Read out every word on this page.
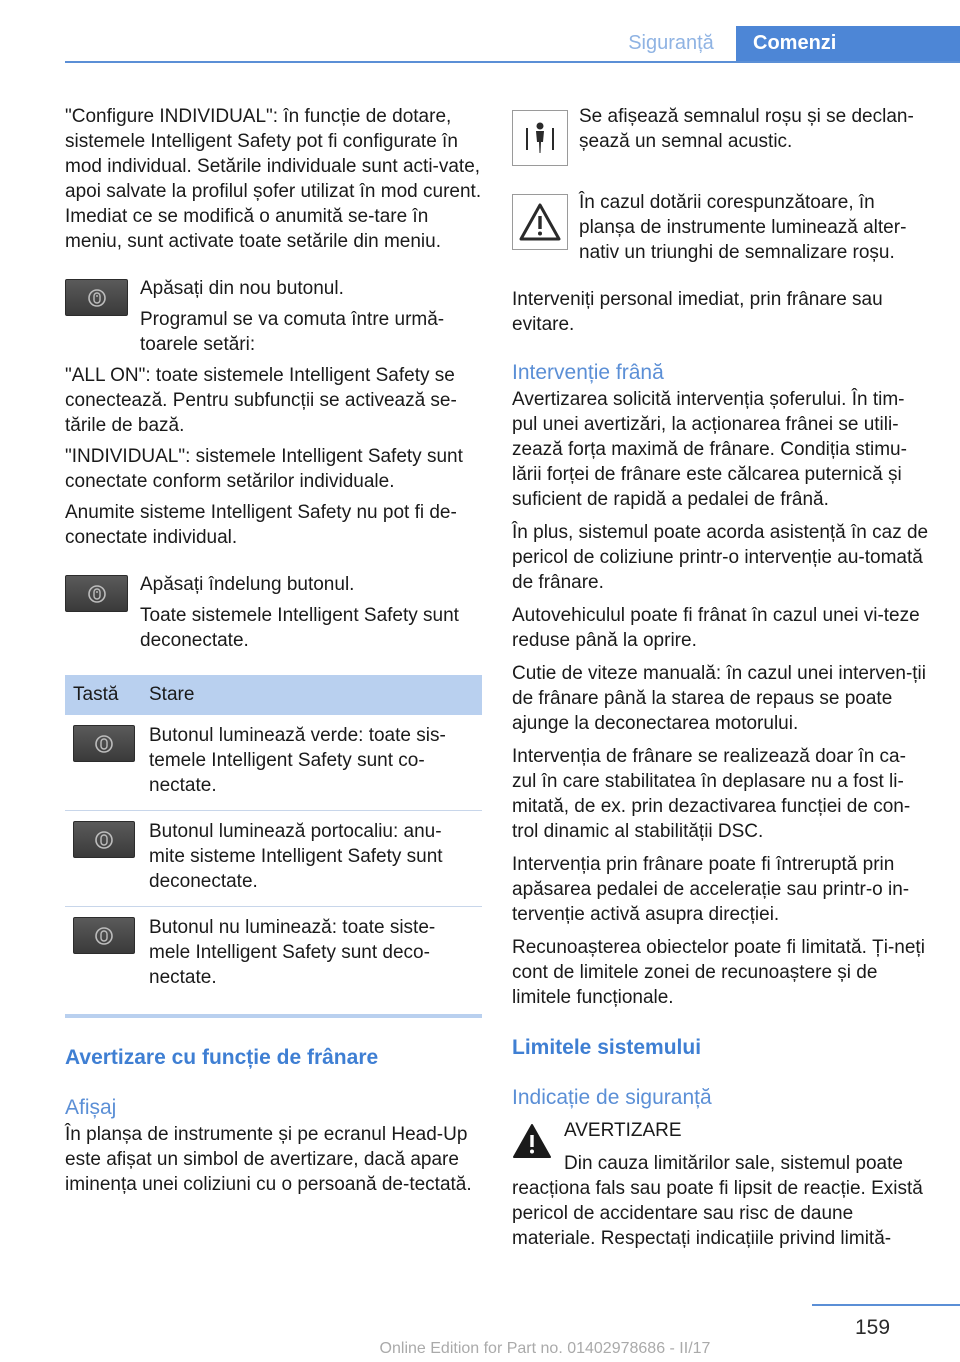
Siguranță	Comenzi

"Configure INDIVIDUAL": în funcție de dotare, sistemele Intelligent Safety pot fi configurate în mod individual. Setările individuale sunt acti‐vate, apoi salvate la profilul șofer utilizat în mod curent. Imediat ce se modifică o anumită se‐tare în meniu, sunt activate toate setările din meniu.

Apăsați din nou butonul.

Programul se va comuta între urmă‐toarele setări:

"ALL ON": toate sistemele Intelligent Safety se conectează. Pentru subfuncții se activează se‐tările de bază.

"INDIVIDUAL": sistemele Intelligent Safety sunt conectate conform setărilor individuale.

Anumite sisteme Intelligent Safety nu pot fi de‐conectate individual.

Apăsați îndelung butonul.

Toate sistemele Intelligent Safety sunt deconectate.

Tastă	Stare

	Butonul luminează verde: toate sis‐temele Intelligent Safety sunt co‐nectate.

	Butonul luminează portocaliu: anu‐mite sisteme Intelligent Safety sunt deconectate.

	Butonul nu luminează: toate siste‐mele Intelligent Safety sunt deco‐nectate.
Avertizare cu funcție de frânare
Afișaj

În planșa de instrumente și pe ecranul Head-Up este afișat un simbol de avertizare, dacă apare iminența unei coliziuni cu o persoană de‐tectată.

Se afișează semnalul roșu și se declan‐șează un semnal acustic.

În cazul dotării corespunzătoare, în planșa de instrumente luminează alter‐nativ un triunghi de semnalizare roșu.

Interveniți personal imediat, prin frânare sau evitare.

Intervenție frână

Avertizarea solicită intervenția șoferului. În tim‐pul unei avertizări, la acționarea frânei se utili‐zează forța maximă de frânare. Condiția stimu‐lării forței de frânare este călcarea puternică și suficient de rapidă a pedalei de frână.

În plus, sistemul poate acorda asistență în caz de pericol de coliziune printr-o intervenție au‐tomată de frânare.

Autovehiculul poate fi frânat în cazul unei vi‐teze reduse până la oprire.

Cutie de viteze manuală: în cazul unei interven‐ții de frânare până la starea de repaus se poate ajunge la deconectarea motorului.

Intervenția de frânare se realizează doar în ca‐zul în care stabilitatea în deplasare nu a fost li‐mitată, de ex. prin dezactivarea funcției de con‐trol dinamic al stabilității DSC.

Intervenția prin frânare poate fi întreruptă prin apăsarea pedalei de accelerație sau printr-o in‐tervenție activă asupra direcției.

Recunoașterea obiectelor poate fi limitată. Ți‐neți cont de limitele zonei de recunoaștere și de limitele funcționale.

Limitele sistemului
Indicație de siguranță

AVERTIZARE

Din cauza limitărilor sale, sistemul poate reacționa fals sau poate fi lipsit de reacție. Există pericol de accidentare sau risc de daune materiale. Respectați indicațiile privind limită‐

159
Online Edition for Part no. 01402978686 - II/17
